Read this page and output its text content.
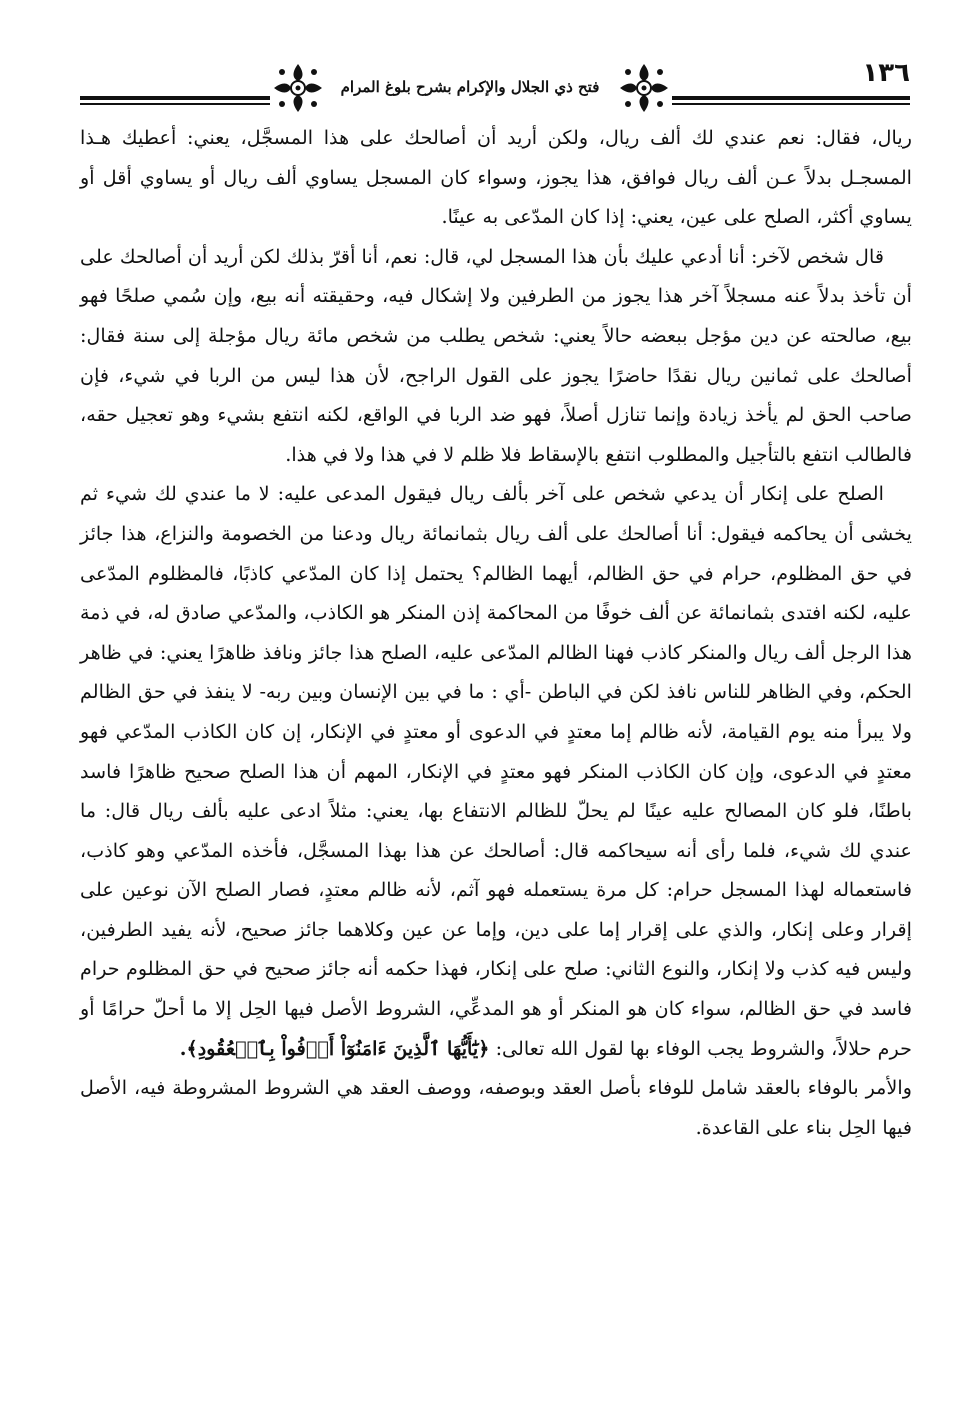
١٣٦
فتح ذي الجلال والإكرام بشرح بلوغ المرام

ريال، فقال: نعم عندي لك ألف ريال، ولكن أريد أن أصالحك على هذا المسجَّل، يعني: أعطيك هـذا المسجـل بدلاً عـن ألف ريال فوافق، هذا يجوز، وسواء كان المسجل يساوي ألف ريال أو يساوي أقل أو يساوي أكثر، الصلح على عين، يعني: إذا كان المدّعى به عينًا.

قال شخص لآخر: أنا أدعي عليك بأن هذا المسجل لي، قال: نعم، أنا أقرّ بذلك لكن أريد أن أصالحك على أن تأخذ بدلاً عنه مسجلاً آخر هذا يجوز من الطرفين ولا إشكال فيه، وحقيقته أنه بيع، وإن سُمي صلحًا فهو بيع، صالحته عن دين مؤجل ببعضه حالاً يعني: شخص يطلب من شخص مائة ريال مؤجلة إلى سنة فقال: أصالحك على ثمانين ريال نقدًا حاضرًا يجوز على القول الراجح، لأن هذا ليس من الربا في شيء، فإن صاحب الحق لم يأخذ زيادة وإنما تنازل أصلاً، فهو ضد الربا في الواقع، لكنه انتفع بشيء وهو تعجيل حقه، فالطالب انتفع بالتأجيل والمطلوب انتفع بالإسقاط فلا ظلم لا في هذا ولا في هذا.

الصلح على إنكار أن يدعي شخص على آخر بألف ريال فيقول المدعى عليه: لا ما عندي لك شيء ثم يخشى أن يحاكمه فيقول: أنا أصالحك على ألف ريال بثمانمائة ريال ودعنا من الخصومة والنزاع، هذا جائز في حق المظلوم، حرام في حق الظالم، أيهما الظالم؟ يحتمل إذا كان المدّعي كاذبًا، فالمظلوم المدّعى عليه، لكنه افتدى بثمانمائة عن ألف خوفًا من المحاكمة إذن المنكر هو الكاذب، والمدّعي صادق له، في ذمة هذا الرجل ألف ريال والمنكر كاذب فهنا الظالم المدّعى عليه، الصلح هذا جائز ونافذ ظاهرًا يعني: في ظاهر الحكم، وفي الظاهر للناس نافذ لكن في الباطن -أي : ما في بين الإنسان وبين ربه- لا ينفذ في حق الظالم ولا يبرأ منه يوم القيامة، لأنه ظالم إما معتدٍ في الدعوى أو معتدٍ في الإنكار، إن كان الكاذب المدّعي فهو معتدٍ في الدعوى، وإن كان الكاذب المنكر فهو معتدٍ في الإنكار، المهم أن هذا الصلح صحيح ظاهرًا فاسد باطنًا، فلو كان المصالح عليه عينًا لم يحلّ للظالم الانتفاع بها، يعني: مثلاً ادعى عليه بألف ريال قال: ما عندي لك شيء، فلما رأى أنه سيحاكمه قال: أصالحك عن هذا بهذا المسجَّل، فأخذه المدّعي وهو كاذب، فاستعماله لهذا المسجل حرام: كل مرة يستعمله فهو آثم، لأنه ظالم معتدٍ، فصار الصلح الآن نوعين على إقرار وعلى إنكار، والذي على إقرار إما على دين، وإما عن عين وكلاهما جائز صحيح، لأنه يفيد الطرفين، وليس فيه كذب ولا إنكار، والنوع الثاني: صلح على إنكار، فهذا حكمه أنه جائز صحيح في حق المظلوم حرام فاسد في حق الظالم، سواء كان هو المنكر أو هو المدعِّي، الشروط الأصل فيها الحِل إلا ما أحلّ حرامًا أو حرم حلالاً، والشروط يجب الوفاء بها لقول الله تعالى: ﴿يَٰٓأَيُّهَا ٱلَّذِينَ ءَامَنُوٓاْ أَوۡفُواْ بِٱلۡعُقُودِ﴾.

والأمر بالوفاء بالعقد شامل للوفاء بأصل العقد وبوصفه، ووصف العقد هي الشروط المشروطة فيه، الأصل فيها الحِل بناء على القاعدة.
